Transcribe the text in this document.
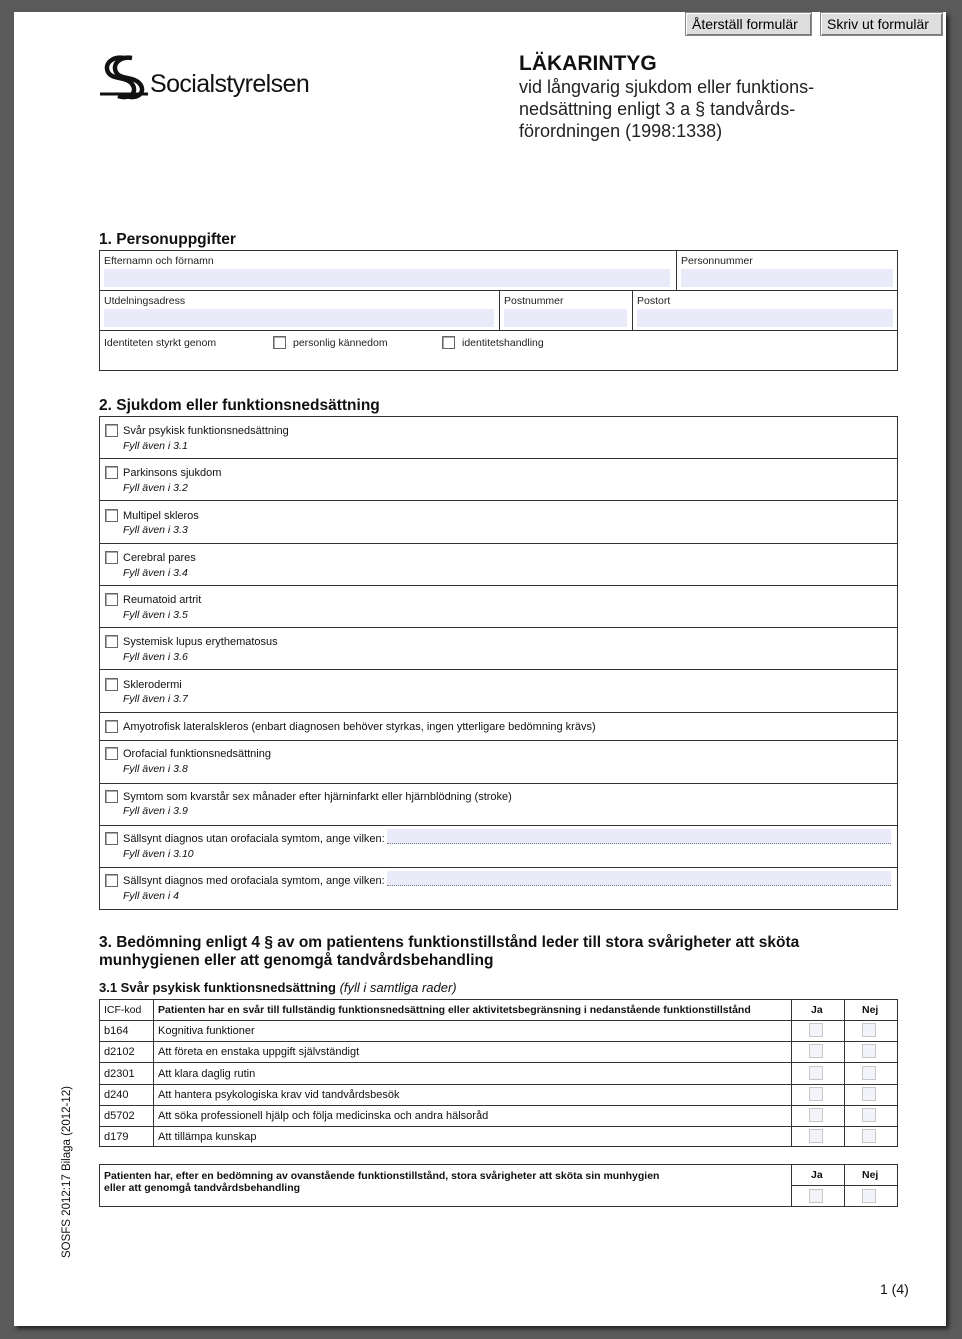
Återställ formulär	Skriv ut formulär
Socialstyrelsen
LÄKARINTYG
vid långvarig sjukdom eller funktions-
nedsättning enligt 3 a § tandvårds-
förordningen (1998:1338)
1. Personuppgifter
Efternamn och förnamn	Personnummer
Utdelningsadress	Postnummer	Postort
Identiteten styrkt genom	personlig kännedom	identitetshandling
2. Sjukdom eller funktionsnedsättning
Svår psykisk funktionsnedsättning
Fyll även i 3.1
Parkinsons sjukdom
Fyll även i 3.2
Multipel skleros
Fyll även i 3.3
Cerebral pares
Fyll även i 3.4
Reumatoid artrit
Fyll även i 3.5
Systemisk lupus erythematosus
Fyll även i 3.6
Sklerodermi
Fyll även i 3.7
Amyotrofisk lateralskleros (enbart diagnosen behöver styrkas, ingen ytterligare bedömning krävs)
Orofacial funktionsnedsättning
Fyll även i 3.8
Symtom som kvarstår sex månader efter hjärninfarkt eller hjärnblödning (stroke)
Fyll även i 3.9
Sällsynt diagnos utan orofaciala symtom, ange vilken:
Fyll även i 3.10
Sällsynt diagnos med orofaciala symtom, ange vilken:
Fyll även i 4
3. Bedömning enligt 4 § av om patientens funktionstillstånd leder till stora svårigheter att sköta
munhygienen eller att genomgå tandvårdsbehandling
3.1 Svår psykisk funktionsnedsättning (fyll i samtliga rader)
ICF-kod Patienten har en svår till fullständig funktionsnedsättning eller aktivitetsbegränsning i nedanstående funktionstillstånd	Ja	Nej
b164	Kognitiva funktioner
d2102 Att företa en enstaka uppgift självständigt
d2301 Att klara daglig rutin
d240	Att hantera psykologiska krav vid tandvårdsbesök
d5702 Att söka professionell hjälp och följa medicinska och andra hälsoråd
d179	Att tillämpa kunskap
Patienten har, efter en bedömning av ovanstående funktionstillstånd, stora svårigheter att sköta sin munhygien
eller att genomgå tandvårdsbehandling
Ja	Nej
SOSFS 2012:17 Bilaga (2012-12)
1 (4)
